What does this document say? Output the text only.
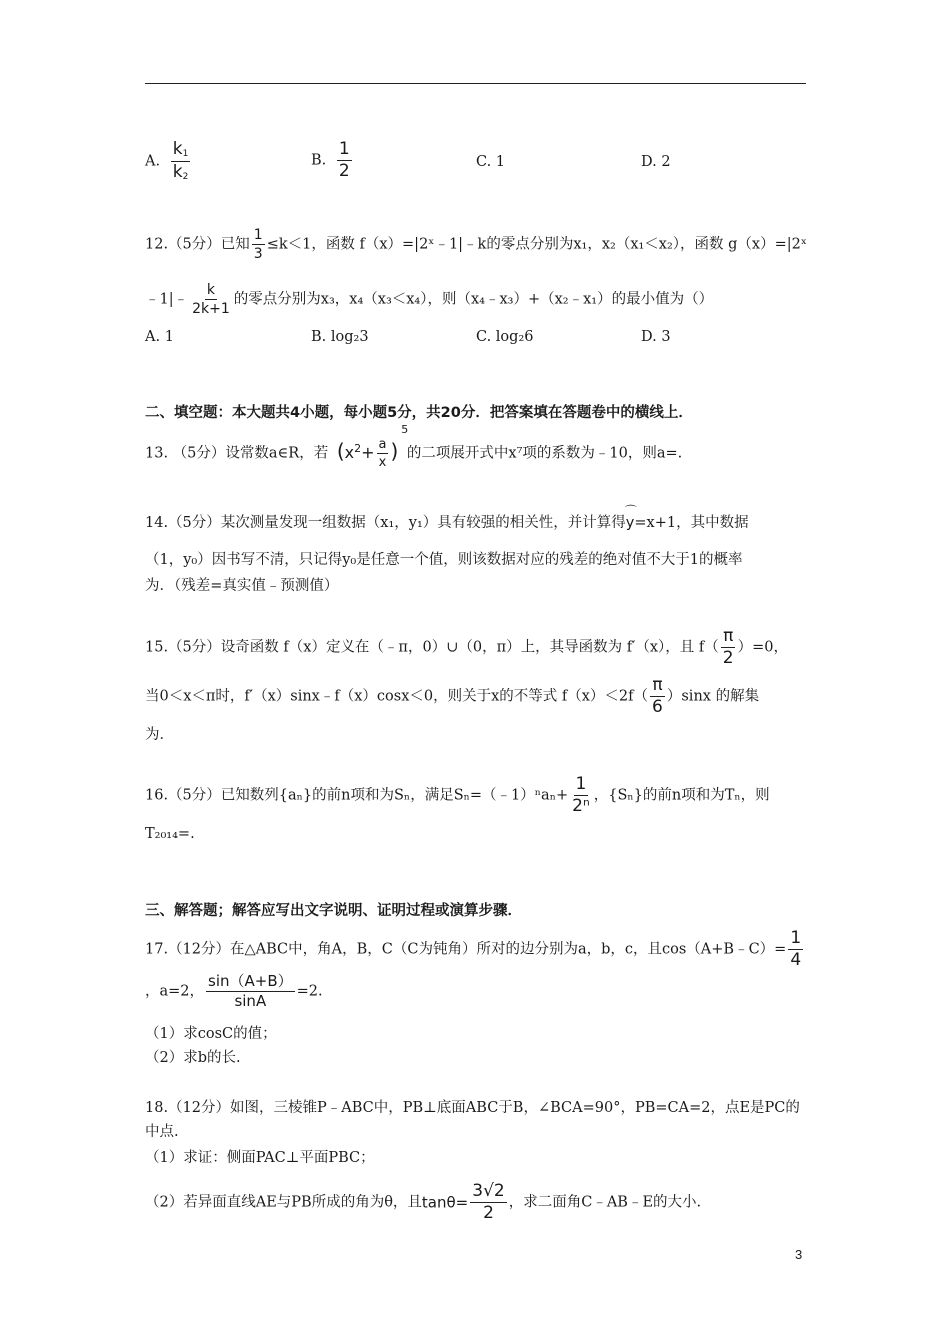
A. $\frac{k_1}{k_2}$	B. $\frac{1}{2}$	C. 1	D. 2
12.（5分）已知 $\frac{1}{3} \le k<1$，函数 f（x）=|2ˣ﹣1|﹣k的零点分别为x₁，x₂（x₁＜x₂），函数 g（x）=|2ˣ
﹣1|﹣ $\frac{k}{2k+1}$ 的零点分别为x₃，x₄（x₃＜x₄），则（x₄﹣x₃）+（x₂﹣x₁）的最小值为（）
A. 1	B. log₂3	C. log₂6	D. 3
二、填空题：本大题共4小题，每小题5分，共20分．把答案填在答题卷中的横线上．
13. （5分）设常数a∈R，若 ($x^2+ \frac{a}{x}$ )
5
的二项展开式中x⁷项的系数为﹣10，则a=.
14.（5分）某次测量发现一组数据（x₁，y₁）具有较强的相关性，并计算得
⌒
y=x+1，其中数据
（1，y₀）因书写不清，只记得y₀是任意一个值，则该数据对应的残差的绝对值不大于1的概率
为．（残差=真实值﹣预测值）
15.（5分）设奇函数 f（x）定义在（﹣π，0）∪（0，π）上，其导函数为 f′（x），且 $f( \frac{\pi}{2} )=0$，
当0＜x＜π时，f′（x）sinx﹣f（x）cosx＜0，则关于x的不等式 $f(x)<2f( \frac{\pi}{6} )\sin x$ 的解集
为．
16.（5分）已知数列{aₙ}的前n项和为Sₙ，满足Sₙ=（﹣1）ⁿaₙ+ $\frac{1}{\text{2ⁿ}}$ ，{Sₙ}的前n项和为Tₙ，则
T₂₀₁₄=.
三、解答题；解答应写出文字说明、证明过程或演算步骤．
17.（12分）在△ABC中，角A，B，C（C为钝角）所对的边分别为a，b，c，且cos（A+B﹣C）= $\frac{1}{4}$
，a=2， $\frac{\sin(A+B)}{\sin A} =2$.
（1）求cosC的值；
（2）求b的长.
18.（12分）如图，三棱锥P﹣ABC中，PB⊥底面ABC于B，∠BCA=90°，PB=CA=2，点E是PC的
中点.
（1）求证：侧面PAC⊥平面PBC；
（2）若异面直线AE与PB所成的角为θ，且$\tan\theta= \frac{3√2}{2}$ ，求二面角C﹣AB﹣E的大小.
3
